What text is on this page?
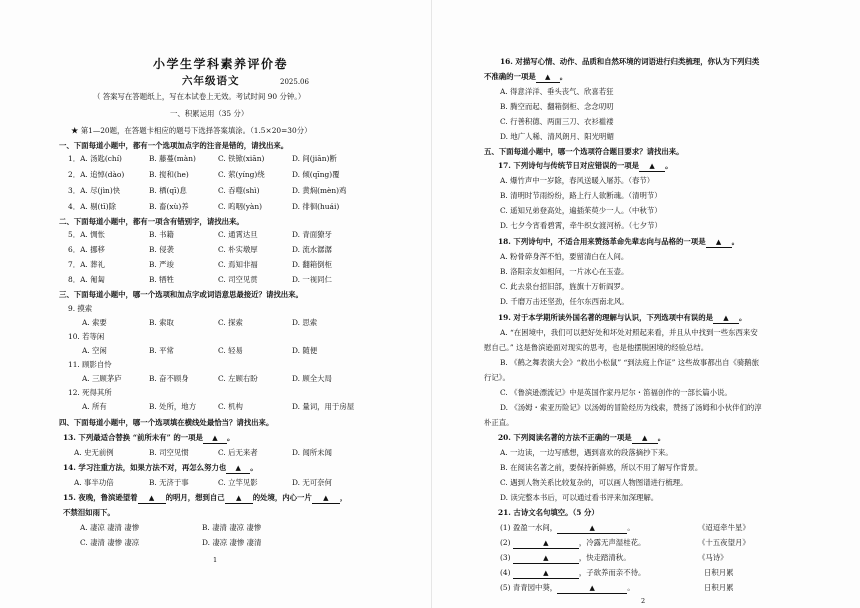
小学生学科素养评价卷
六年级语文	2025.06
（ 答案写在答题纸上，写在本试卷上无效。考试时间 90 分钟。）
一、积累运用（35 分）
★ 第1—20题，在答题卡相应的题号下选择答案填涂。（1.5×20=30分）
一、下面每道小题中，都有一个选项加点字的注音是错的，请找出来。
1．A. 汤匙(chí)	B. 藤蔓(màn)	C. 铁锨(xiān)	D. 间(jiān)断
2．A. 追悼(dào)	B. 搅和(he)	C. 萦(yíng)绕	D. 倾(qīng)覆
3．A. 尽(jìn)快	B. 栖(qī)息	C. 吞噬(shì)	D. 黄焖(mèn)鸡
4．A. 剔(tī)除	B. 畜(xù)养	C. 呜咽(yàn)	D. 徘徊(huái)
二、下面每道小题中，都有一项含有错别字，请找出来。
5．A. 惆怅	B. 书籍	C. 通霄达旦	D. 青面獠牙
6．A. 挪移	B. 侵袭	C. 朴实墩厚	D. 流水潺潺
7．A. 葬礼	B. 严竣	C. 焉知非福	D. 翻箱倒柜
8．A. 匍匐	B. 牺牲	C. 司空见贯	D. 一视同仁
三、下面每道小题中，哪一个选项和加点字或词语意思最接近？请找出来。
9. 摸索
A. 索要	B. 索取	C. 探索	D. 思索
10. 若等闲
A. 空闲	B. 平常	C. 轻易	D. 随便
11. 顾影自怜
A. 三顾茅庐	B. 奋不顾身	C. 左顾右盼	D. 顾全大局
12. 死得其所
A. 所有	B. 处所，地方	C. 机构	D. 量词，用于房屋
四、下面每道小题中，哪一个选项填在横线处最恰当？请找出来。
13. 下列最适合替换 “前所未有” 的一项是 ▲ 。
A. 史无前例	B. 司空见惯	C. 后无来者	D. 闻所未闻
14. 学习注重方法，如果方法不对，再怎么努力也 ▲ 。
A. 事半功倍	B. 无济于事	C. 立竿见影	D. 无可奈何
15. 夜晚，鲁滨逊望着 ▲ 的明月，想到自己 ▲ 的处境，内心一片 ▲ ，
不禁泪如雨下。
A. 凄凉 凄清 凄惨	B. 凄清 凄凉 凄惨
C. 凄清 凄惨 凄凉	D. 凄凉 凄惨 凄清
1
16. 对描写心情、动作、品质和自然环境的词语进行归类梳理，你认为下列归类
不准确的一项是 ▲ 。
A. 得意洋洋、垂头丧气、欣喜若狂
B. 腾空而起、翻箱倒柜、念念叨叨
C. 行善积德、两面三刀、衣衫褴褛
D. 地广人稀、清风朗月、阳光明媚
五、下面每道小题中，哪一个选项符合题目要求？请找出来。
17. 下列诗句与传统节日对应错误的一项是 ▲ 。
A. 爆竹声中一岁除，春风送暖入屠苏。（春节）
B. 清明时节雨纷纷，路上行人欲断魂。（清明节）
C. 遥知兄弟登高处，遍插茱萸少一人。（中秋节）
D. 七夕今宵看碧霄，牵牛织女渡河桥。（七夕节）
18. 下列诗句中，不适合用来赞扬革命先辈志向与品格的一项是 ▲ 。
A. 粉骨碎身浑不怕，要留清白在人间。
B. 洛阳亲友如相问，一片冰心在玉壶。
C. 此去泉台招旧部，旌旗十万斩阎罗。
D. 千磨万击还坚劲，任尔东西南北风。
19. 对于本学期所读外国名著的理解与认识，下列选项中有误的是 ▲ 。
A. “在困境中，我们可以把好处和坏处对照起来看，并且从中找到一些东西来安
慰自己。” 这是鲁滨逊面对现实的思考，也是他摆脱困境的经验总结。
B. 《鹤之舞表演大会》“救出小松鼠” “到法庭上作证” 这些故事都出自《骑鹅旅
行记》。
C. 《鲁滨逊漂流记》中是英国作家丹尼尔・笛福创作的一部长篇小说。
D. 《汤姆・索亚历险记》以汤姆的冒险经历为线索，赞扬了汤姆和小伙伴们的淳
朴正直。
20. 下列阅读名著的方法不正确的一项是 ▲ 。
A. 一边读，一边写感想，遇到喜欢的段落摘抄下来。
B. 在阅读名著之前，要保持新鲜感，所以不用了解写作背景。
C. 遇到人物关系比较复杂的，可以画人物图谱进行梳理。
D. 读完整本书后，可以通过看书评来加深理解。
21. 古诗文名句填空。（5 分）
(1) 盈盈一水间，	▲	。	《迢迢牵牛星》
(2)	▲	，冷露无声湿桂花。	《十五夜望月》
(3)	▲	，快走踏清秋。	《马诗》
(4)	▲	，子欲养而亲不待。	日积月累
(5) 青青园中葵，	▲	。	日积月累
2
